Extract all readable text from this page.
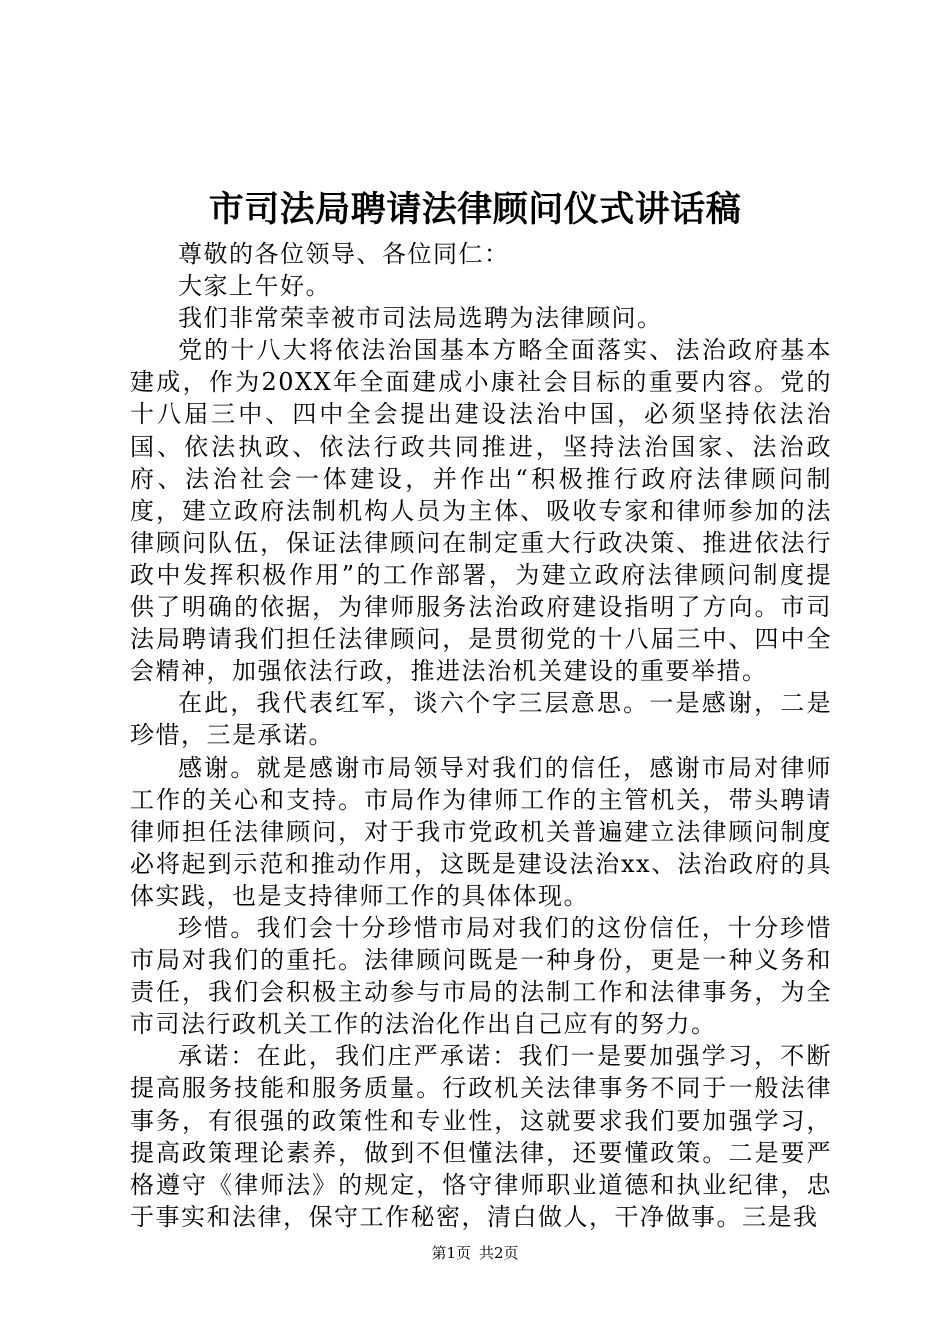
市司法局聘请法律顾问仪式讲话稿

尊敬的各位领导、各位同仁：

大家上午好。

我们非常荣幸被市司法局选聘为法律顾问。

党的十八大将依法治国基本方略全面落实、法治政府基本建成，作为20XX年全面建成小康社会目标的重要内容。党的十八届三中、四中全会提出建设法治中国，必须坚持依法治国、依法执政、依法行政共同推进，坚持法治国家、法治政府、法治社会一体建设，并作出“积极推行政府法律顾问制度，建立政府法制机构人员为主体、吸收专家和律师参加的法律顾问队伍，保证法律顾问在制定重大行政决策、推进依法行政中发挥积极作用”的工作部署，为建立政府法律顾问制度提供了明确的依据，为律师服务法治政府建设指明了方向。市司法局聘请我们担任法律顾问，是贯彻党的十八届三中、四中全会精神，加强依法行政，推进法治机关建设的重要举措。

在此，我代表红军，谈六个字三层意思。一是感谢，二是珍惜，三是承诺。

感谢。就是感谢市局领导对我们的信任，感谢市局对律师工作的关心和支持。市局作为律师工作的主管机关，带头聘请律师担任法律顾问，对于我市党政机关普遍建立法律顾问制度必将起到示范和推动作用，这既是建设法治xx、法治政府的具体实践，也是支持律师工作的具体体现。

珍惜。我们会十分珍惜市局对我们的这份信任，十分珍惜市局对我们的重托。法律顾问既是一种身份，更是一种义务和责任，我们会积极主动参与市局的法制工作和法律事务，为全市司法行政机关工作的法治化作出自己应有的努力。

承诺：在此，我们庄严承诺：我们一是要加强学习，不断提高服务技能和服务质量。行政机关法律事务不同于一般法律事务，有很强的政策性和专业性，这就要求我们要加强学习，提高政策理论素养，做到不但懂法律，还要懂政策。二是要严格遵守《律师法》的规定，恪守律师职业道德和执业纪律，忠于事实和法律，保守工作秘密，清白做人，干净做事。三是我

第1页 共2页
